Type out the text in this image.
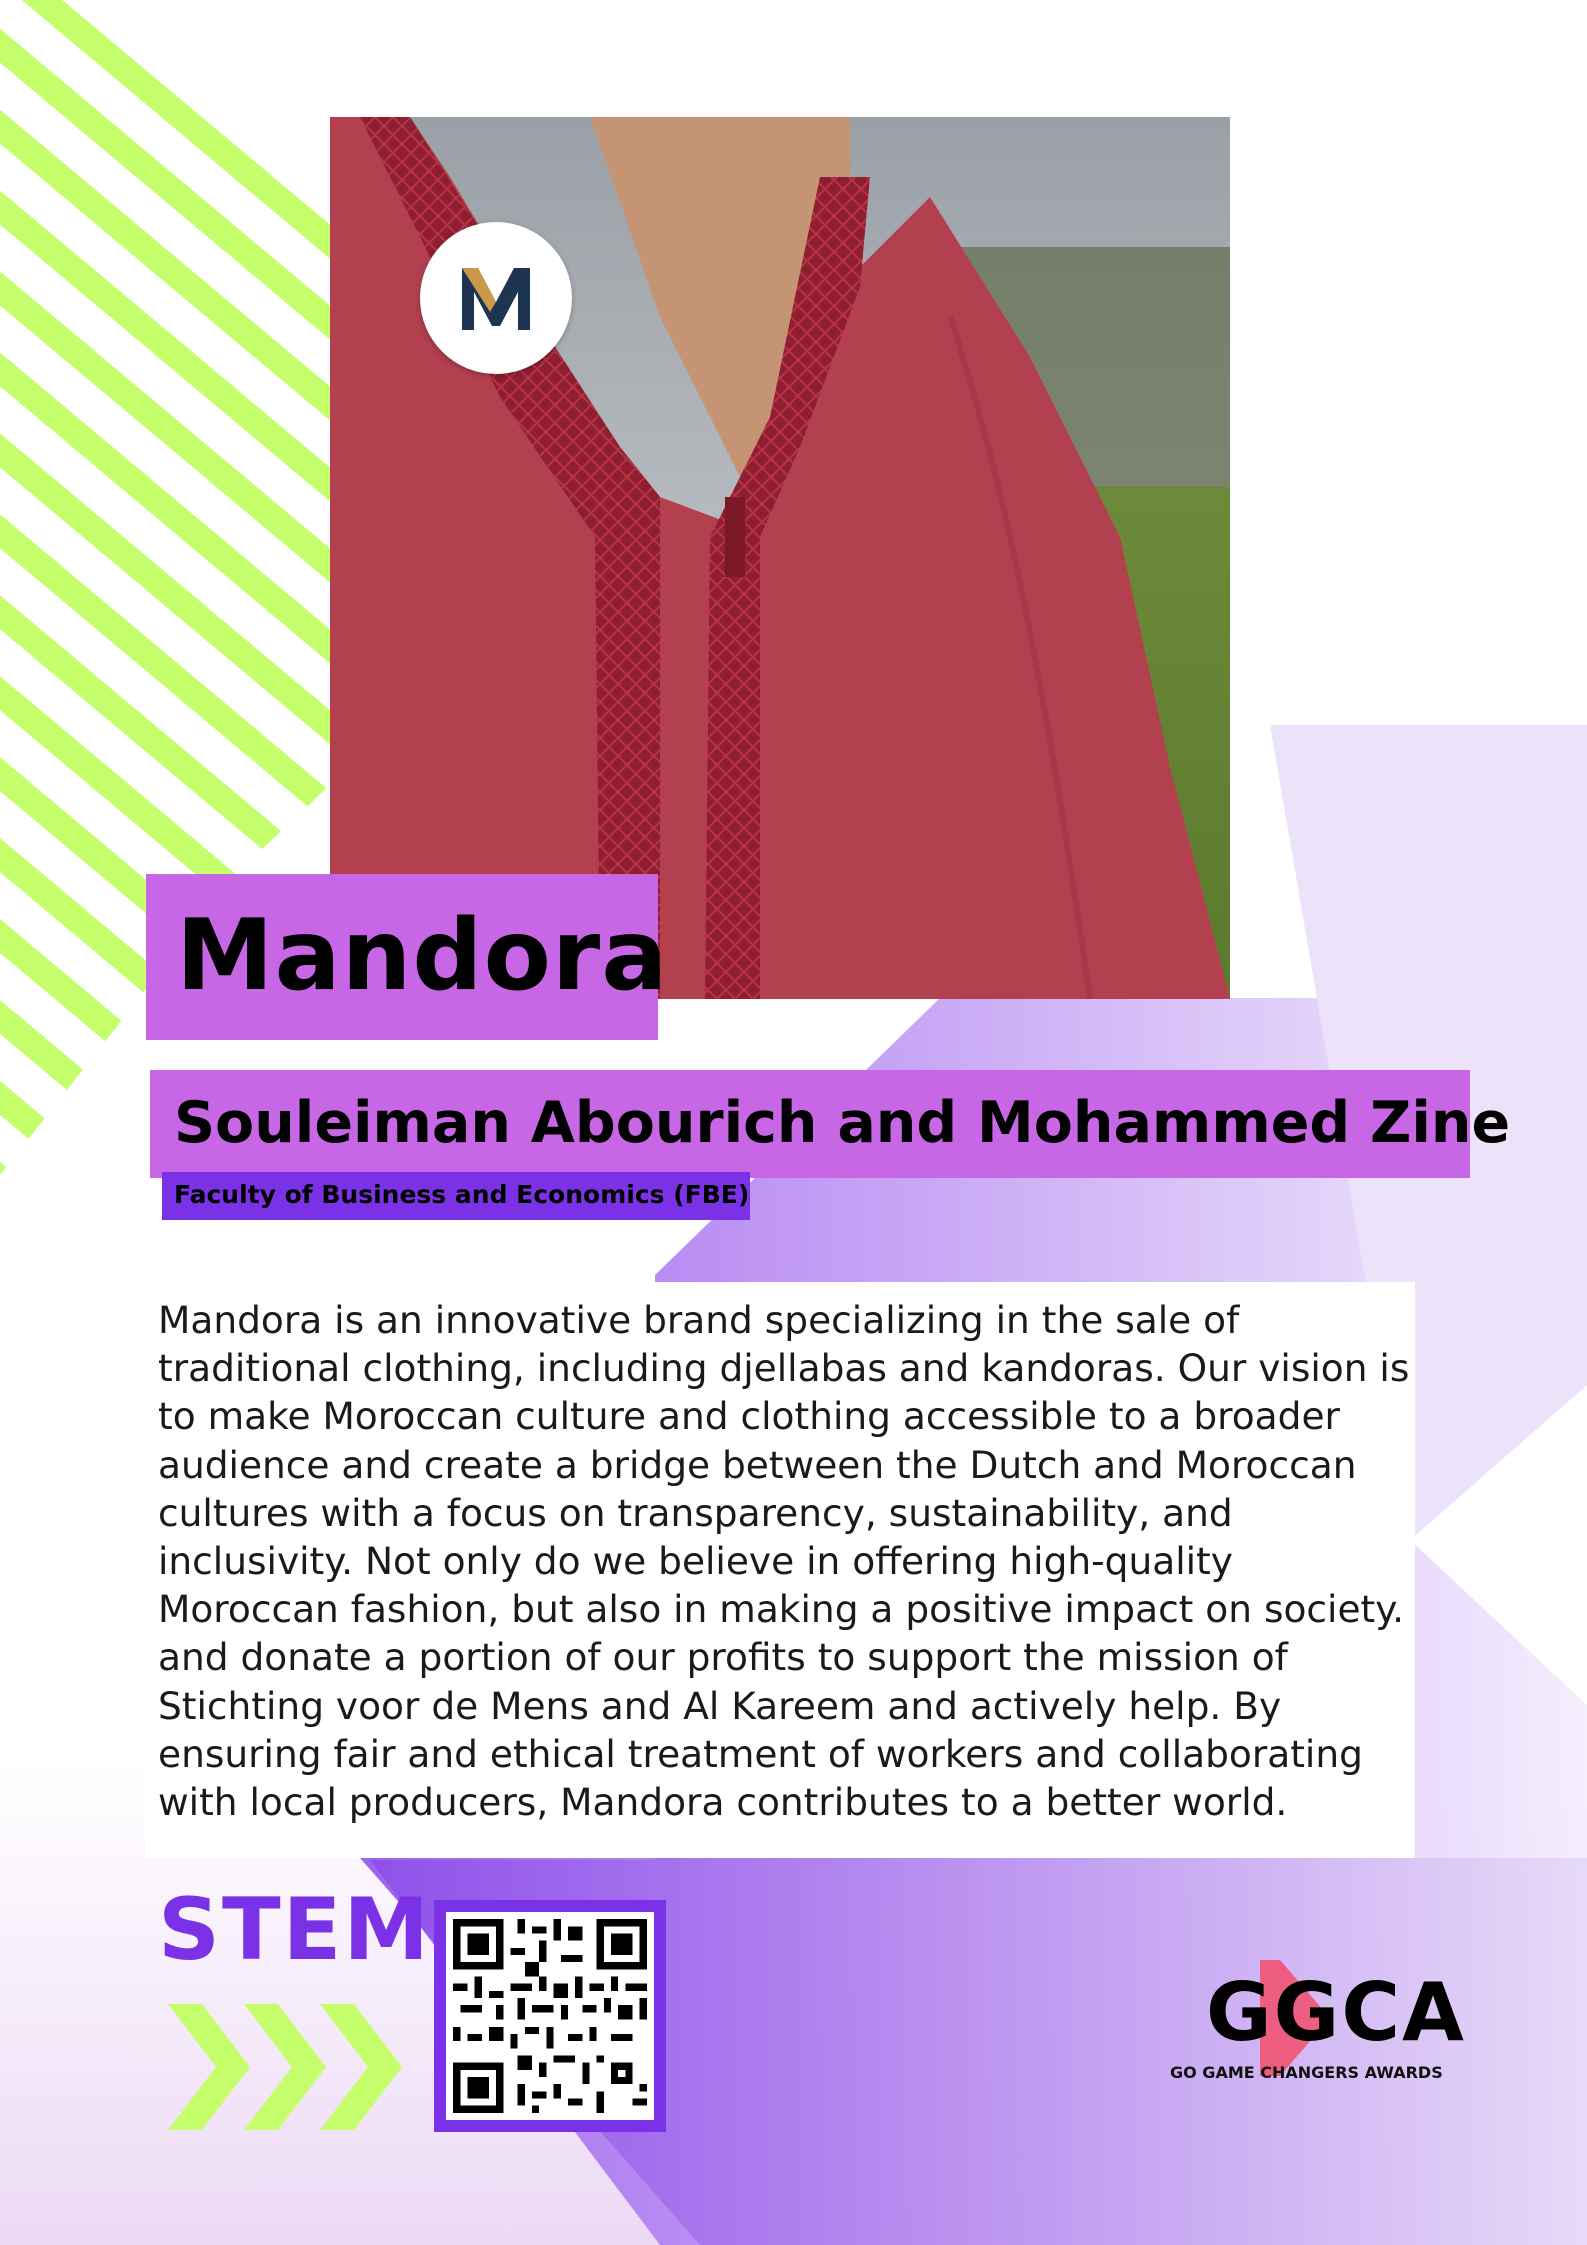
Mandora
Souleiman Abourich and Mohammed Zine
Faculty of Business and Economics (FBE)
Mandora is an innovative brand specializing in the sale of
traditional clothing, including djellabas and kandoras. Our vision is
to make Moroccan culture and clothing accessible to a broader
audience and create a bridge between the Dutch and Moroccan
cultures with a focus on transparency, sustainability, and
inclusivity. Not only do we believe in offering high-quality
Moroccan fashion, but also in making a positive impact on society.
and donate a portion of our profits to support the mission of
Stichting voor de Mens and Al Kareem and actively help. By
ensuring fair and ethical treatment of workers and collaborating
with local producers, Mandora contributes to a better world.
STEM
GGCA
GO GAME CHANGERS AWARDS
